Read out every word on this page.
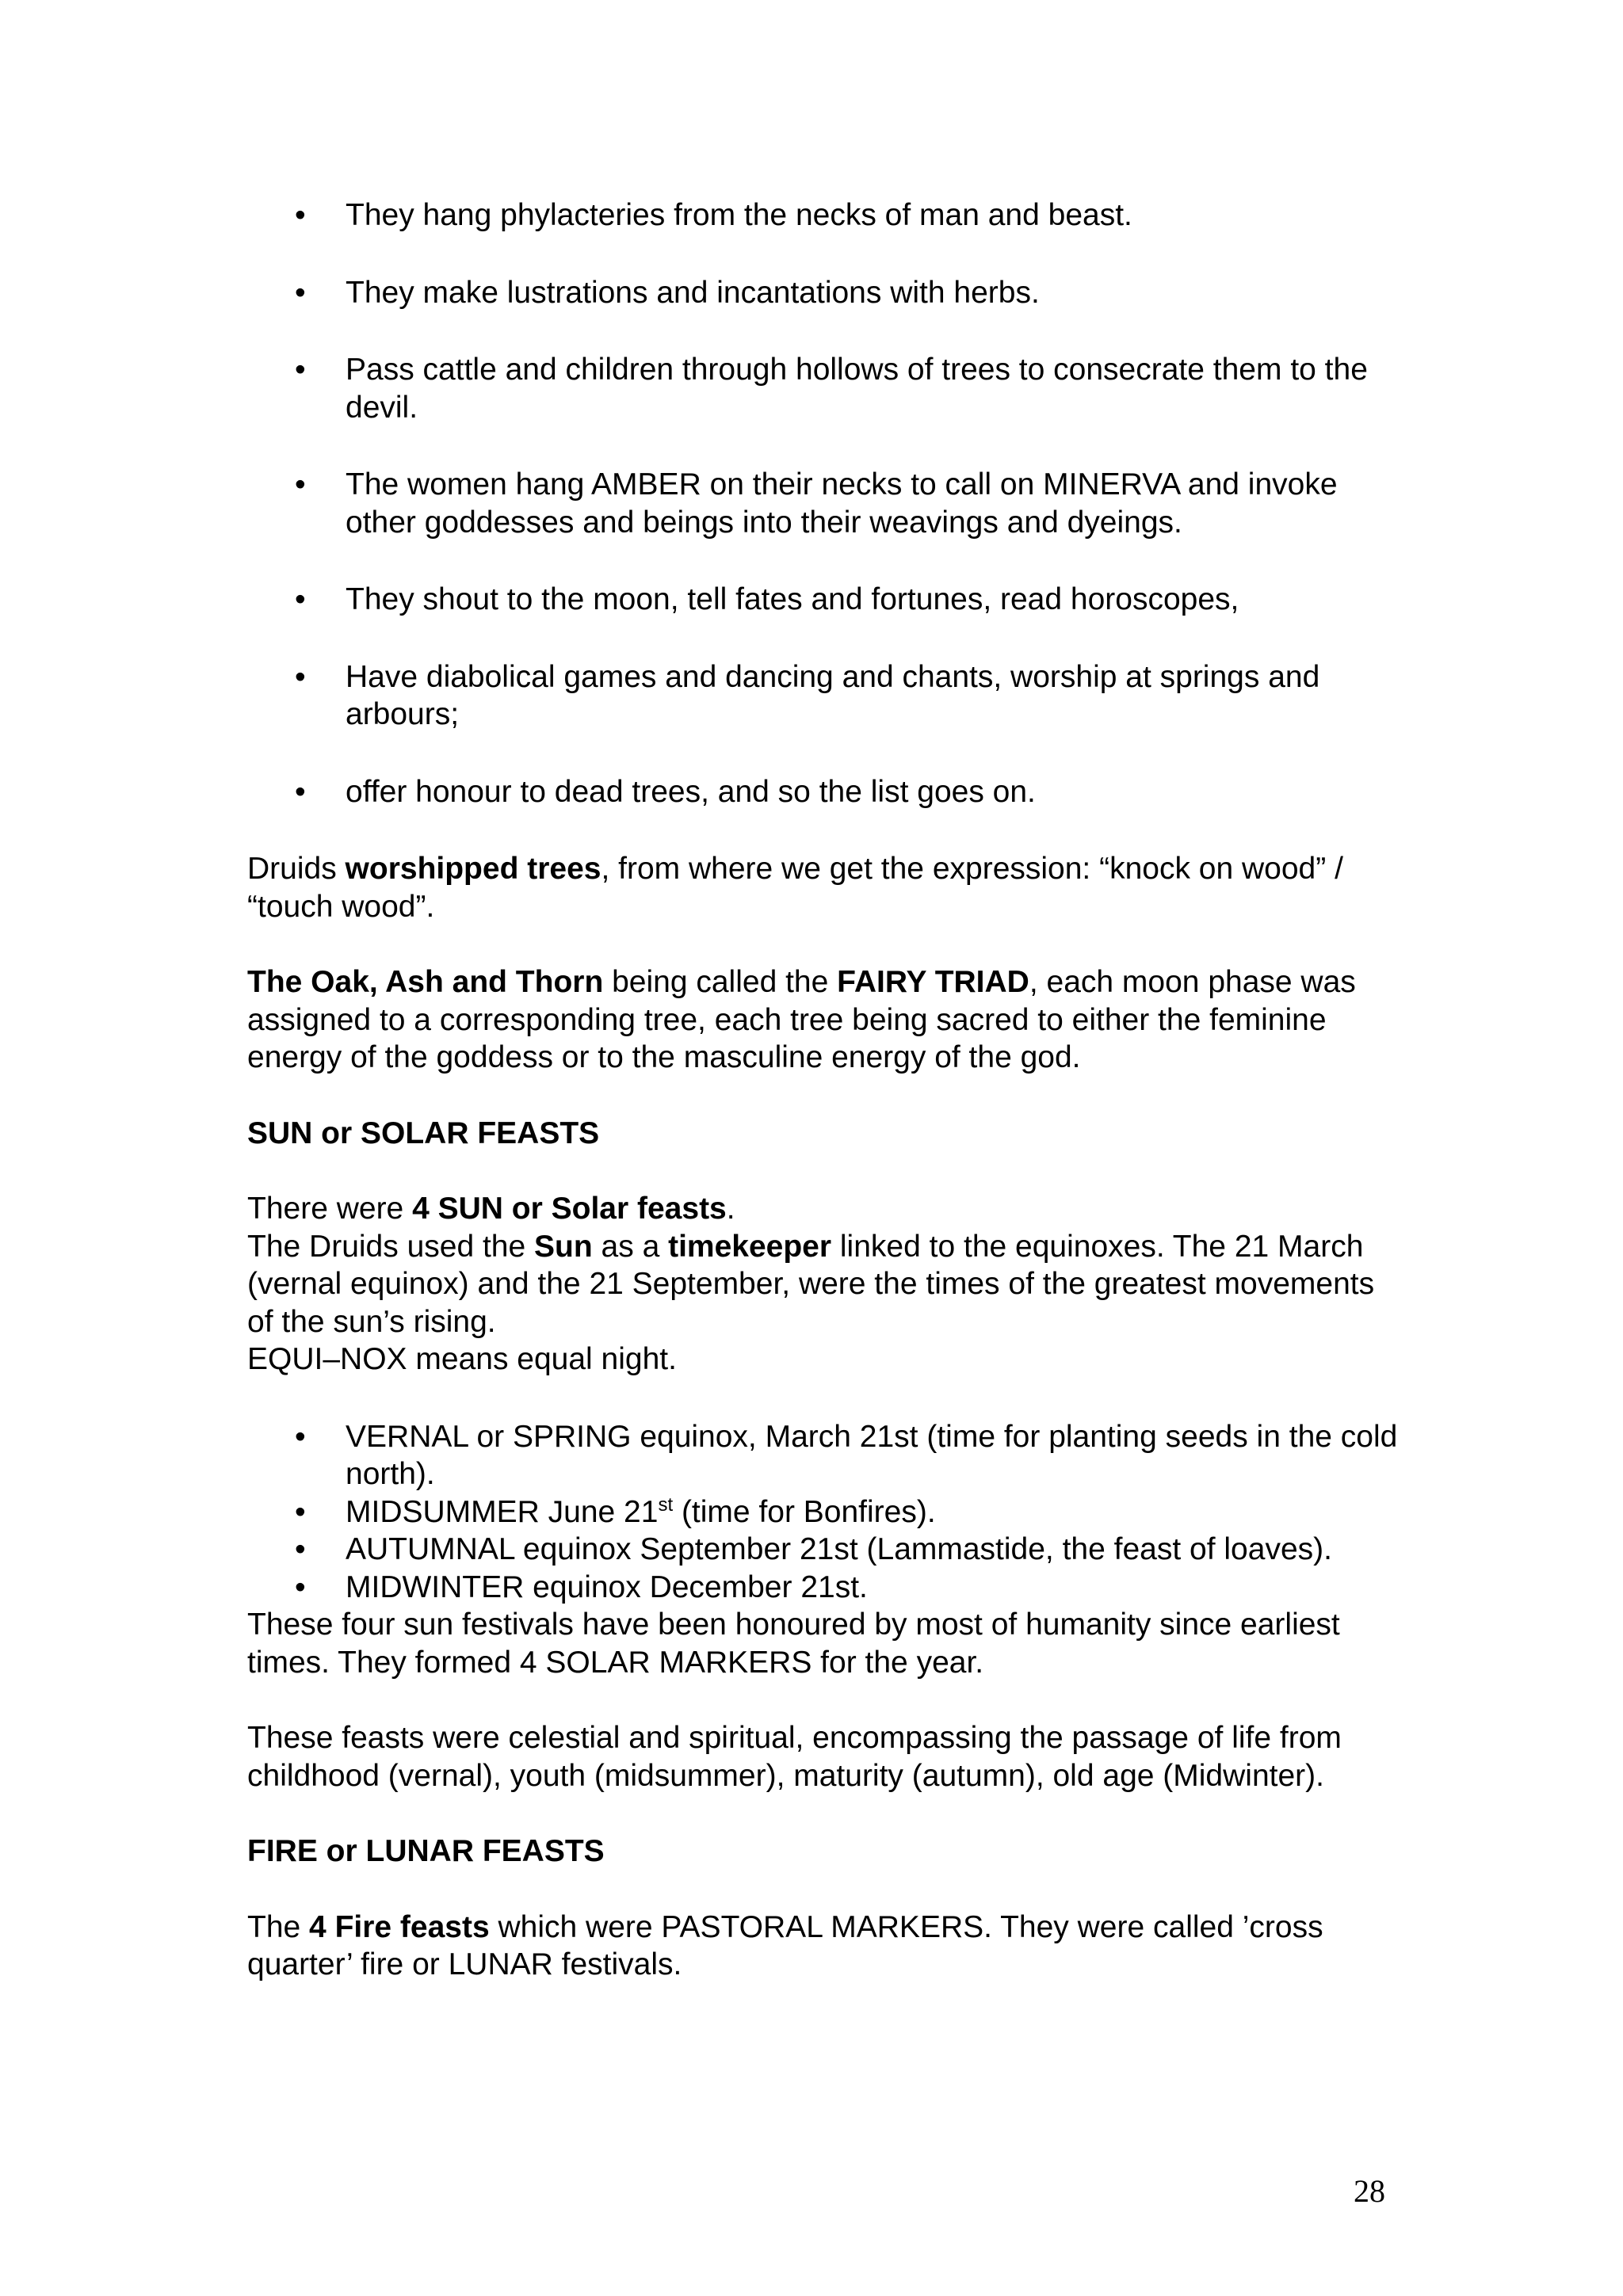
• They hang phylacteries from the necks of man and beast.
• They make lustrations and incantations with herbs.
• Pass cattle and children through hollows of trees to consecrate them to the devil.
• The women hang AMBER on their necks to call on MINERVA and invoke other goddesses and beings into their weavings and dyeings.
• They shout to the moon, tell fates and fortunes, read horoscopes,
• Have diabolical games and dancing and chants, worship at springs and arbours;
• offer honour to dead trees, and so the list goes on.

Druids worshipped trees, from where we get the expression: “knock on wood” / “touch wood”.

The Oak, Ash and Thorn being called the FAIRY TRIAD, each moon phase was assigned to a corresponding tree, each tree being sacred to either the feminine energy of the goddess or to the masculine energy of the god.

SUN or SOLAR FEASTS

There were 4 SUN or Solar feasts.

The Druids used the Sun as a timekeeper linked to the equinoxes. The 21 March (vernal equinox) and the 21 September, were the times of the greatest movements of the sun’s rising.

EQUI–NOX means equal night.

• VERNAL or SPRING equinox, March 21st (time for planting seeds in the cold north).
• MIDSUMMER June 21st (time for Bonfires).
• AUTUMNAL equinox September 21st (Lammastide, the feast of loaves).
• MIDWINTER equinox December 21st.

These four sun festivals have been honoured by most of humanity since earliest times. They formed 4 SOLAR MARKERS for the year.

These feasts were celestial and spiritual, encompassing the passage of life from childhood (vernal), youth (midsummer), maturity (autumn), old age (Midwinter).

FIRE or LUNAR FEASTS

The 4 Fire feasts which were PASTORAL MARKERS. They were called ’cross quarter’ fire or LUNAR festivals.

28
